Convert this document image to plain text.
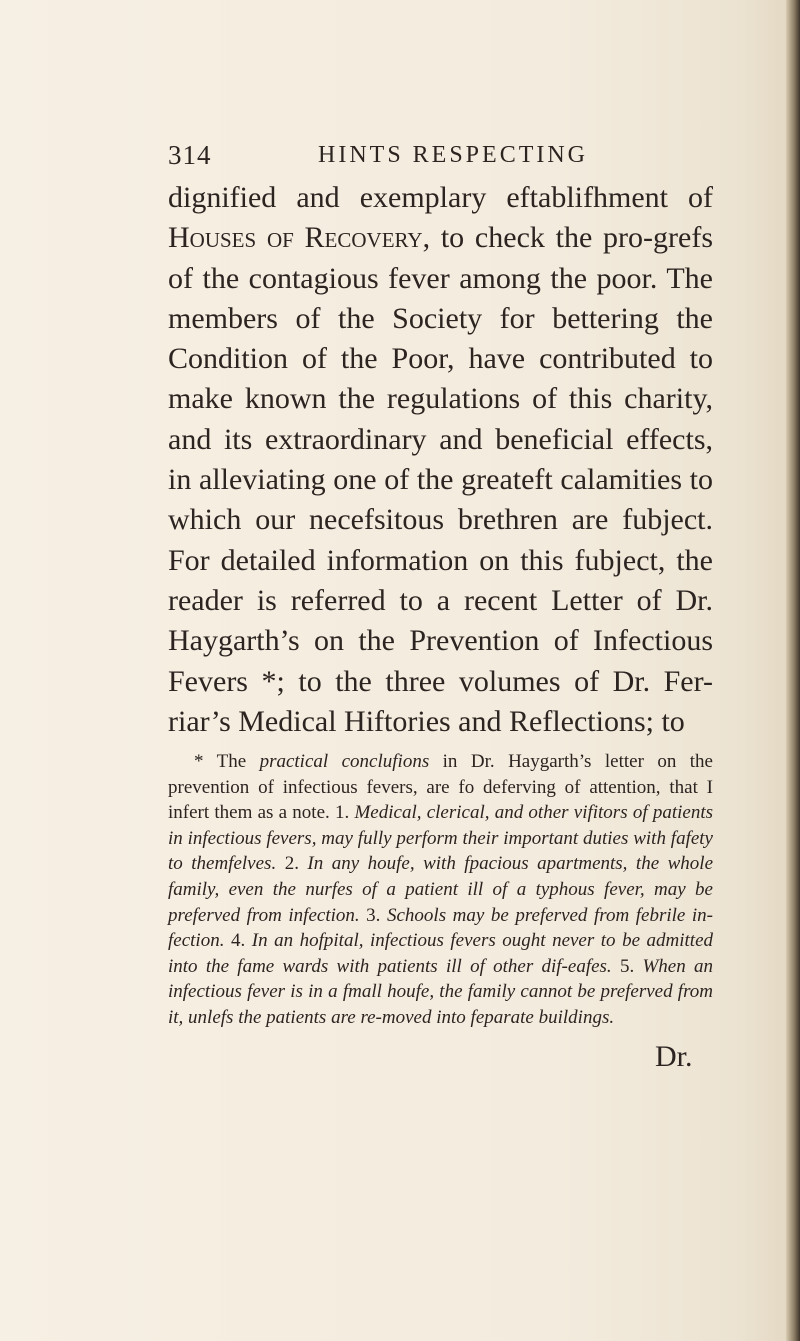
314	HINTS RESPECTING

dignified and exemplary eftablifhment of Houses of Recovery, to check the pro-grefs of the contagious fever among the poor. The members of the Society for bettering the Condition of the Poor, have contributed to make known the regulations of this charity, and its extraordinary and beneficial effects, in alleviating one of the greateft calamities to which our necefsitous brethren are fubject. For detailed information on this fubject, the reader is referred to a recent Letter of Dr. Haygarth’s on the Prevention of Infectious Fevers *; to the three volumes of Dr. Fer-riar’s Medical Hiftories and Reflections; to

* The practical conclufions in Dr. Haygarth’s letter on the prevention of infectious fevers, are fo deferving of attention, that I infert them as a note. 1. Medical, clerical, and other vifitors of patients in infectious fevers, may fully perform their important duties with fafety to themfelves. 2. In any houfe, with fpacious apartments, the whole family, even the nurfes of a patient ill of a typhous fever, may be preferved from infection. 3. Schools may be preferved from febrile in-fection. 4. In an hofpital, infectious fevers ought never to be admitted into the fame wards with patients ill of other dif-eafes. 5. When an infectious fever is in a fmall houfe, the family cannot be preferved from it, unlefs the patients are re-moved into feparate buildings.

Dr.
